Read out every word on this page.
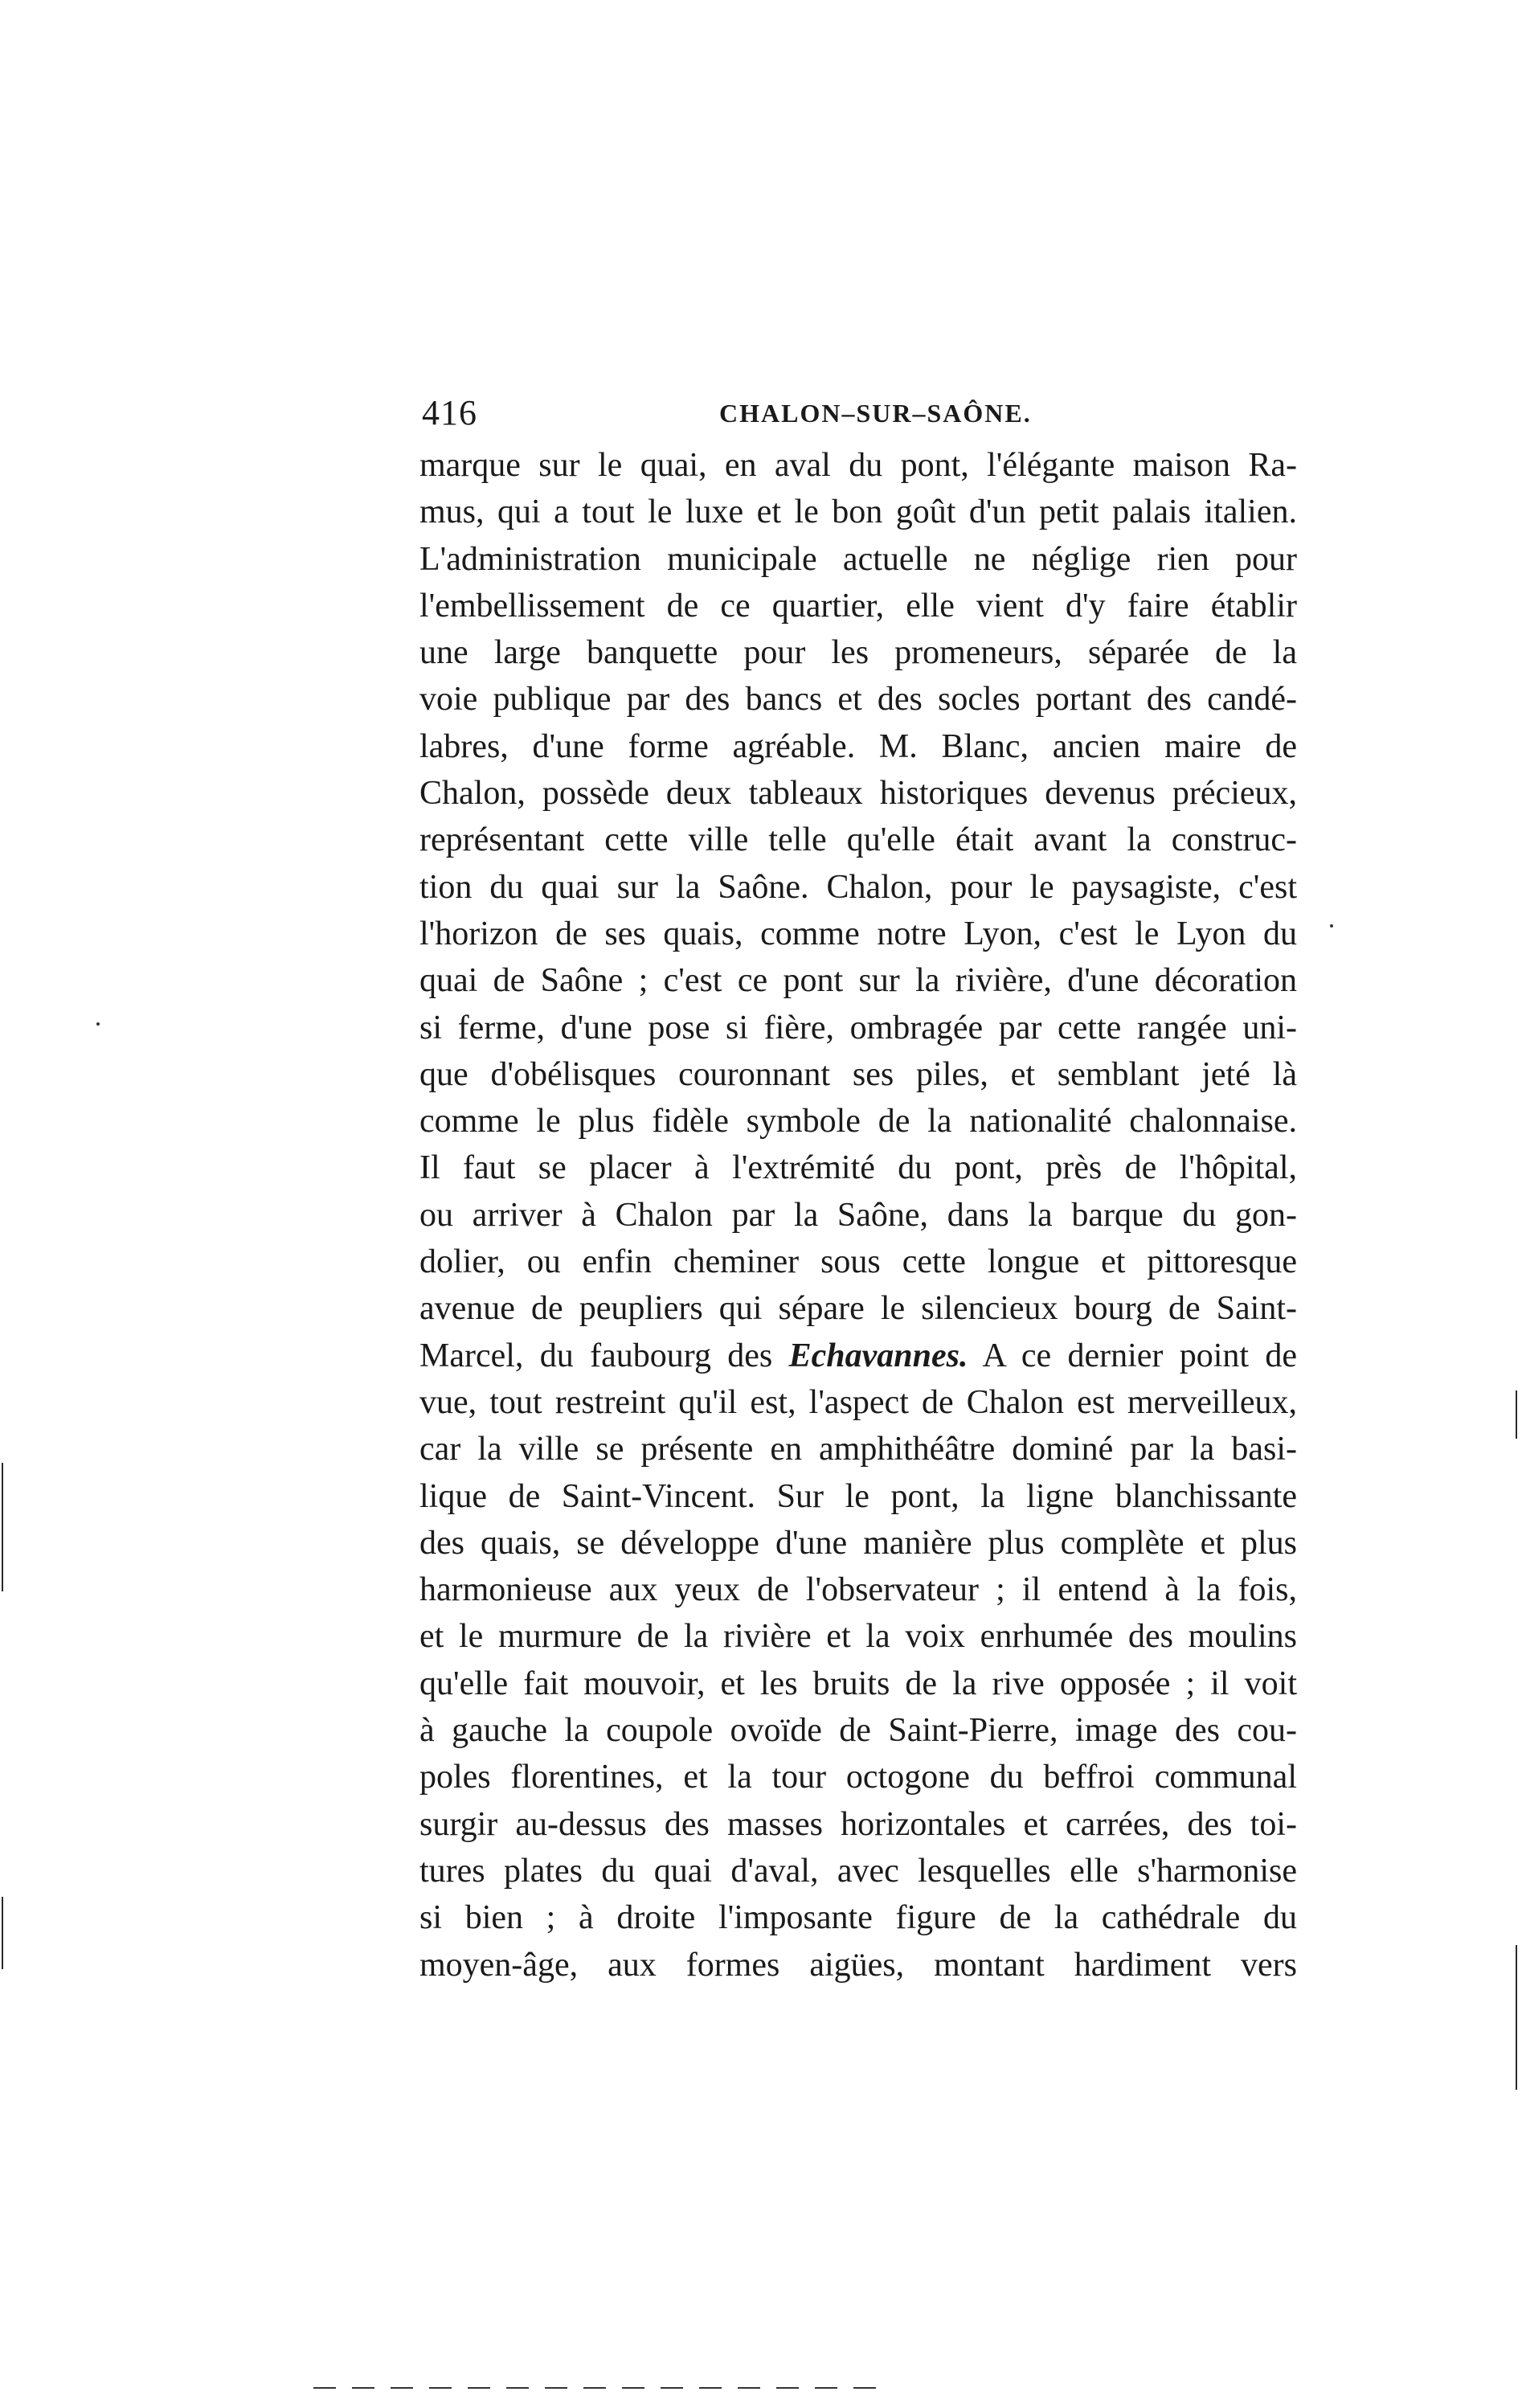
416	CHALON–SUR–SAÔNE.
marque sur le quai, en aval du pont, l'élégante maison Ra-
mus, qui a tout le luxe et le bon goût d'un petit palais italien.
L'administration municipale actuelle ne néglige rien pour
l'embellissement de ce quartier, elle vient d'y faire établir
une large banquette pour les promeneurs, séparée de la
voie publique par des bancs et des socles portant des candé-
labres, d'une forme agréable. M. Blanc, ancien maire de
Chalon, possède deux tableaux historiques devenus précieux,
représentant cette ville telle qu'elle était avant la construc-
tion du quai sur la Saône. Chalon, pour le paysagiste, c'est
l'horizon de ses quais, comme notre Lyon, c'est le Lyon du
quai de Saône ; c'est ce pont sur la rivière, d'une décoration
si ferme, d'une pose si fière, ombragée par cette rangée uni-
que d'obélisques couronnant ses piles, et semblant jeté là
comme le plus fidèle symbole de la nationalité chalonnaise.
Il faut se placer à l'extrémité du pont, près de l'hôpital,
ou arriver à Chalon par la Saône, dans la barque du gon-
dolier, ou enfin cheminer sous cette longue et pittoresque
avenue de peupliers qui sépare le silencieux bourg de Saint-
Marcel, du faubourg des Echavannes. A ce dernier point de
vue, tout restreint qu'il est, l'aspect de Chalon est merveilleux,
car la ville se présente en amphithéâtre dominé par la basi-
lique de Saint-Vincent. Sur le pont, la ligne blanchissante
des quais, se développe d'une manière plus complète et plus
harmonieuse aux yeux de l'observateur ; il entend à la fois,
et le murmure de la rivière et la voix enrhumée des moulins
qu'elle fait mouvoir, et les bruits de la rive opposée ; il voit
à gauche la coupole ovoïde de Saint-Pierre, image des cou-
poles florentines, et la tour octogone du beffroi communal
surgir au-dessus des masses horizontales et carrées, des toi-
tures plates du quai d'aval, avec lesquelles elle s'harmonise
si bien ; à droite l'imposante figure de la cathédrale du
moyen-âge, aux formes aigües, montant hardiment vers
